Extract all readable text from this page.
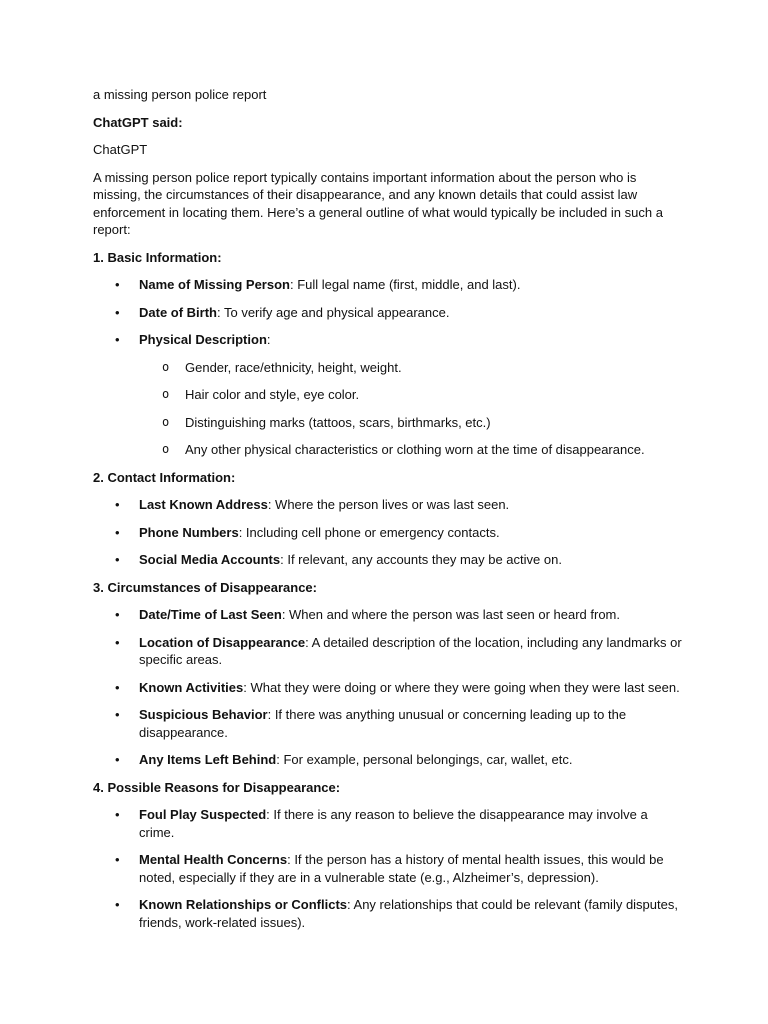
a missing person police report
ChatGPT said:
ChatGPT
A missing person police report typically contains important information about the person who is missing, the circumstances of their disappearance, and any known details that could assist law enforcement in locating them. Here’s a general outline of what would typically be included in such a report:
1. Basic Information:
• Name of Missing Person: Full legal name (first, middle, and last).
• Date of Birth: To verify age and physical appearance.
• Physical Description:
o Gender, race/ethnicity, height, weight.
o Hair color and style, eye color.
o Distinguishing marks (tattoos, scars, birthmarks, etc.)
o Any other physical characteristics or clothing worn at the time of disappearance.
2. Contact Information:
• Last Known Address: Where the person lives or was last seen.
• Phone Numbers: Including cell phone or emergency contacts.
• Social Media Accounts: If relevant, any accounts they may be active on.
3. Circumstances of Disappearance:
• Date/Time of Last Seen: When and where the person was last seen or heard from.
• Location of Disappearance: A detailed description of the location, including any landmarks or specific areas.
• Known Activities: What they were doing or where they were going when they were last seen.
• Suspicious Behavior: If there was anything unusual or concerning leading up to the disappearance.
• Any Items Left Behind: For example, personal belongings, car, wallet, etc.
4. Possible Reasons for Disappearance:
• Foul Play Suspected: If there is any reason to believe the disappearance may involve a crime.
• Mental Health Concerns: If the person has a history of mental health issues, this would be noted, especially if they are in a vulnerable state (e.g., Alzheimer’s, depression).
• Known Relationships or Conflicts: Any relationships that could be relevant (family disputes, friends, work-related issues).
